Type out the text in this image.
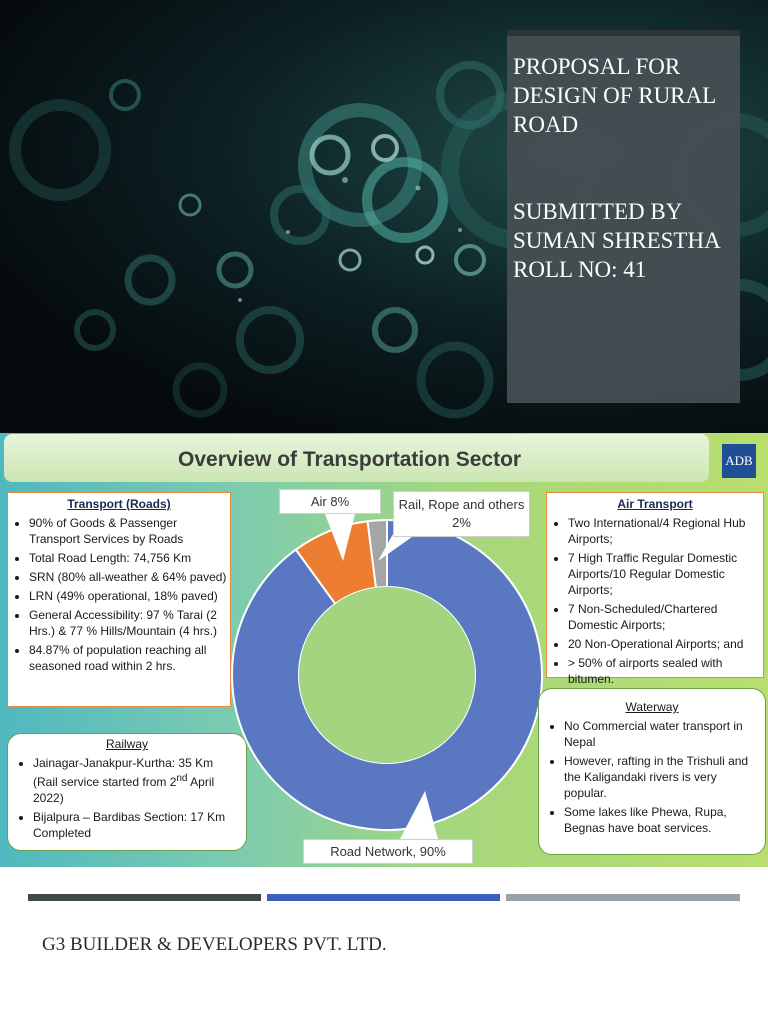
PROPOSAL FOR
DESIGN OF RURAL
ROAD
SUBMITTED BY
SUMAN SHRESTHA
ROLL NO: 41
Overview of Transportation Sector	ADB
Transport (Roads)
• 90% of Goods & Passenger Transport Services by Roads
• Total Road Length: 74,756 Km
• SRN (80% all-weather & 64% paved)
• LRN (49% operational, 18% paved)
• General Accessibility: 97 % Tarai (2 Hrs.) & 77 % Hills/Mountain (4 hrs.)
• 84.87% of population reaching all seasoned road within 2 hrs.
Air Transport
• Two International/4 Regional Hub Airports;
• 7 High Traffic Regular Domestic Airports/10 Regular Domestic Airports;
• 7 Non-Scheduled/Chartered Domestic Airports;
• 20 Non-Operational Airports; and
• > 50% of airports sealed with bitumen.
Air 8%	Rail, Rope and others 2%
Road Network, 90%
Railway
• Jainagar-Janakpur-Kurtha: 35 Km (Rail service started from 2nd April 2022)
• Bijalpura – Bardibas Section: 17 Km Completed
Waterway
• No Commercial water transport in Nepal
• However, rafting in the Trishuli and the Kaligandaki rivers is very popular.
• Some lakes like Phewa, Rupa, Begnas have boat services.
G3 BUILDER & DEVELOPERS PVT. LTD.
